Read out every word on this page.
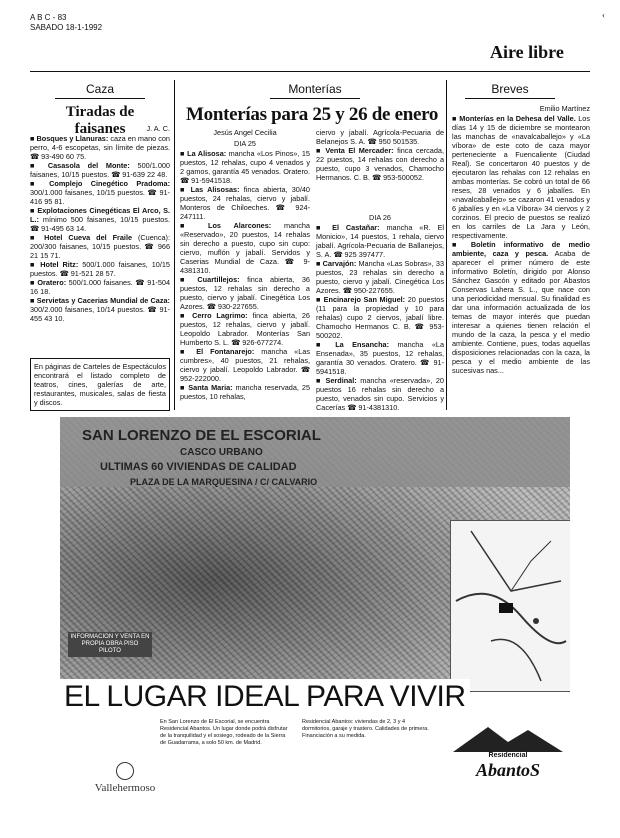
A B C - 83
SABADO 18-1-1992
Aire libre
‹
Caza
Tiradas de faisanes	J. A. C.

■ Bosques y Llanuras: caza en mano con perro, 4-6 escopetas, sin límite de piezas. ☎ 93-490 60 75.

■ Casasola del Monte: 500/1.000 faisanes, 10/15 puestos. ☎ 91-639 22 48.

■ Complejo Cinegético Pradoma: 300/1.000 faisanes, 10/15 puestos. ☎ 91-416 95 81.

■ Explotaciones Cinegéticas El Arco, S. L.: mínimo 500 faisanes, 10/15 puestos. ☎ 91-495 63 14.

■ Hotel Cueva del Fraile (Cuenca): 200/300 faisanes, 10/15 puestos. ☎ 966 21 15 71.

■ Hotel Ritz: 500/1.000 faisanes, 10/15 puestos. ☎ 91-521 28 57.

■ Oratero: 500/1.000 faisanes. ☎ 91-504 16 18.

■ Servietas y Cacerias Mundial de Caza: 300/2.000 faisanes, 10/14 puestos. ☎ 91-455 43 10.

En páginas de Carteles de Espectáculos encontrará el listado completo de teatros, cines, galerías de arte, restaurantes, musicales, salas de fiesta y discos.
Monterías
Monterías para 25 y 26 de enero
Jesús Angel Cecilia
DIA 25

■ La Alisosa: mancha «Los Pinos», 15 puestos, 12 rehalas, cupo 4 venados y 2 gamos, garantía 45 venados. Oratero. ☎ 91-5941518.

■ Las Alisosas: finca abierta, 30/40 puestos, 24 rehalas, ciervo y jabalí. Monteros de Chiloeches. ☎ 924-247111.

■ Los Alarcones: mancha «Reservado», 20 puestos, 14 rehalas sin derecho a puesto, cupo sin cupo: ciervo, muflón y jabalí. Servidos y Caserias Mundial de Caza. ☎ 9-4381310.

■ Cuartillejos: finca abierta, 36 puestos, 12 rehalas sin derecho a puesto, ciervo y jabalí. Cinegética Los Azores. ☎ 930-227655.

■ Cerro Lagrimo: finca abierta, 26 puestos, 12 rehalas, ciervo y jabalí. Leopoldo Labrador. Monterías San Humberto S. L. ☎ 926-677274.

■ El Fontanarejo: mancha «Las cumbres», 40 puestos, 21 rehalas, ciervo y jabalí. Leopoldo Labrador. ☎ 952-222000.

■ Santa Maria: mancha reservada, 25 puestos, 10 rehalas,

ciervo y jabalí. Agrícola-Pecuaria de Belanejos S. A. ☎ 950 501535.

■ Venta El Mercader: finca cercada, 22 puestos, 14 rehalas con derecho a puesto, cupo 3 venados, Chamocho Hermanos. C. B. ☎ 953-500052.

DIA 26

■ El Castañar: mancha «R. El Monicio», 14 puestos, 1 rehala, ciervo jabalí. Agrícola-Pecuaria de Ballanejos, S. A. ☎ 925 397477.

■ Carvajón: Mancha «Las Sobras», 33 puestos, 23 rehalas sin derecho a puesto, ciervo y jabalí. Cinegética Los Azores. ☎ 950-227655.

■ Encinarejo San Miguel: 20 puestos (11 para la propiedad y 10 para rehalas) cupo 2 ciervos, jabalí libre. Chamocho Hermanos C. B. ☎ 953-500202.

■ La Ensancha: mancha «La Ensenada», 35 puestos, 12 rehalas, garantía 30 venados. Oratero. ☎ 91-5941518.

■ Serdinal: mancha «reservada», 20 puestos 16 rehalas sin derecho a puesto, venados sin cupo. Servicios y Cacerías ☎ 91-4381310.

Breves
Emilio Martínez

■ Monterías en la Dehesa del Valle. Los días 14 y 15 de diciembre se montearon las manchas de «navalcaballejo» y «La víbora» de este coto de caza mayor perteneciente a Fuencaliente (Ciudad Real). Se concertaron 40 puestos y de ejecutaron las rehalas con 12 rehalas en ambas monterías. Se cobró un total de 66 reses, 28 venados y 6 jabalíes. En «navalcaballejo» se cazaron 41 venados y 6 jabalíes y en «La Víbora» 34 ciervos y 2 corzinos. El precio de puestos se realizó en los carriles de La Jara y León, respectivamente.

■ Boletín informativo de medio ambiente, caza y pesca. Acaba de aparecer el primer número de este informativo Boletín, dirigido por Alonso Sánchez Gascón y editado por Abastos Conservas Lahera S. L., que nace con una periodicidad mensual. Su finalidad es dar una información actualizada de los temas de mayor interés que puedan interesar a quienes tienen relación el mundo de la caza, la pesca y el medio ambiente. Contiene, pues, todas aquellas disposiciones relacionadas con la caza, la pesca y el medio ambiente de las sucesivas nas...

SAN LORENZO DE EL ESCORIAL
CASCO URBANO
ULTIMAS 60 VIVIENDAS DE CALIDAD
PLAZA DE LA MARQUESINA / C/ CALVARIO
INFORMACION Y VENTA EN PROPIA OBRA PISO PILOTO
EL LUGAR IDEAL PARA VIVIR
En San Lorenzo de El Escorial, se encuentra Residencial Abantos. Un lugar donde podrá disfrutar de la tranquilidad y el sosiego, rodeado de la Sierra de Guadarrama, a solo 50 km. de Madrid.
Residencial Abantos: viviendas de 2, 3 y 4 dormitorios, garaje y trastero. Calidades de primera. Financiación a su medida.
Vallehermoso
Residencial
AbantoS
